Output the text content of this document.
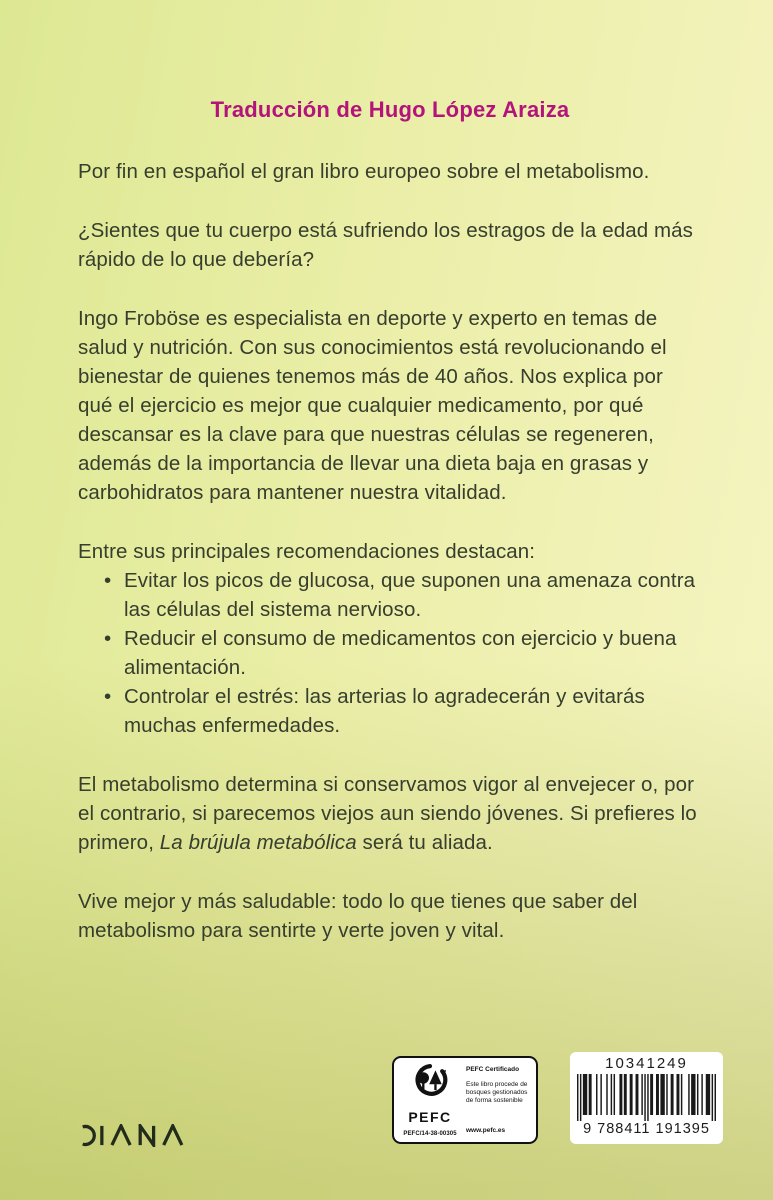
Traducción de Hugo López Araiza

Por fin en español el gran libro europeo sobre el metabolismo.

¿Sientes que tu cuerpo está sufriendo los estragos de la edad más rápido de lo que debería?

Ingo Froböse es especialista en deporte y experto en temas de salud y nutrición. Con sus conocimientos está revolucionando el bienestar de quienes tenemos más de 40 años. Nos explica por qué el ejercicio es mejor que cualquier medicamento, por qué descansar es la clave para que nuestras células se regeneren, además de la importancia de llevar una dieta baja en grasas y carbohidratos para mantener nuestra vitalidad.

Entre sus principales recomendaciones destacan:

• Evitar los picos de glucosa, que suponen una amenaza contra las células del sistema nervioso.
• Reducir el consumo de medicamentos con ejercicio y buena alimentación.
• Controlar el estrés: las arterias lo agradecerán y evitarás muchas enfermedades.

El metabolismo determina si conservamos vigor al envejecer o, por el contrario, si parecemos viejos aun siendo jóvenes. Si prefieres lo primero, La brújula metabólica será tu aliada.

Vive mejor y más saludable: todo lo que tienes que saber del metabolismo para sentirte y verte joven y vital.

PEFC
PEFC/14-38-00305
PEFC Certificado
Este libro procede de bosques gestionados de forma sostenible
www.pefc.es
10341249
9 788411 191395
